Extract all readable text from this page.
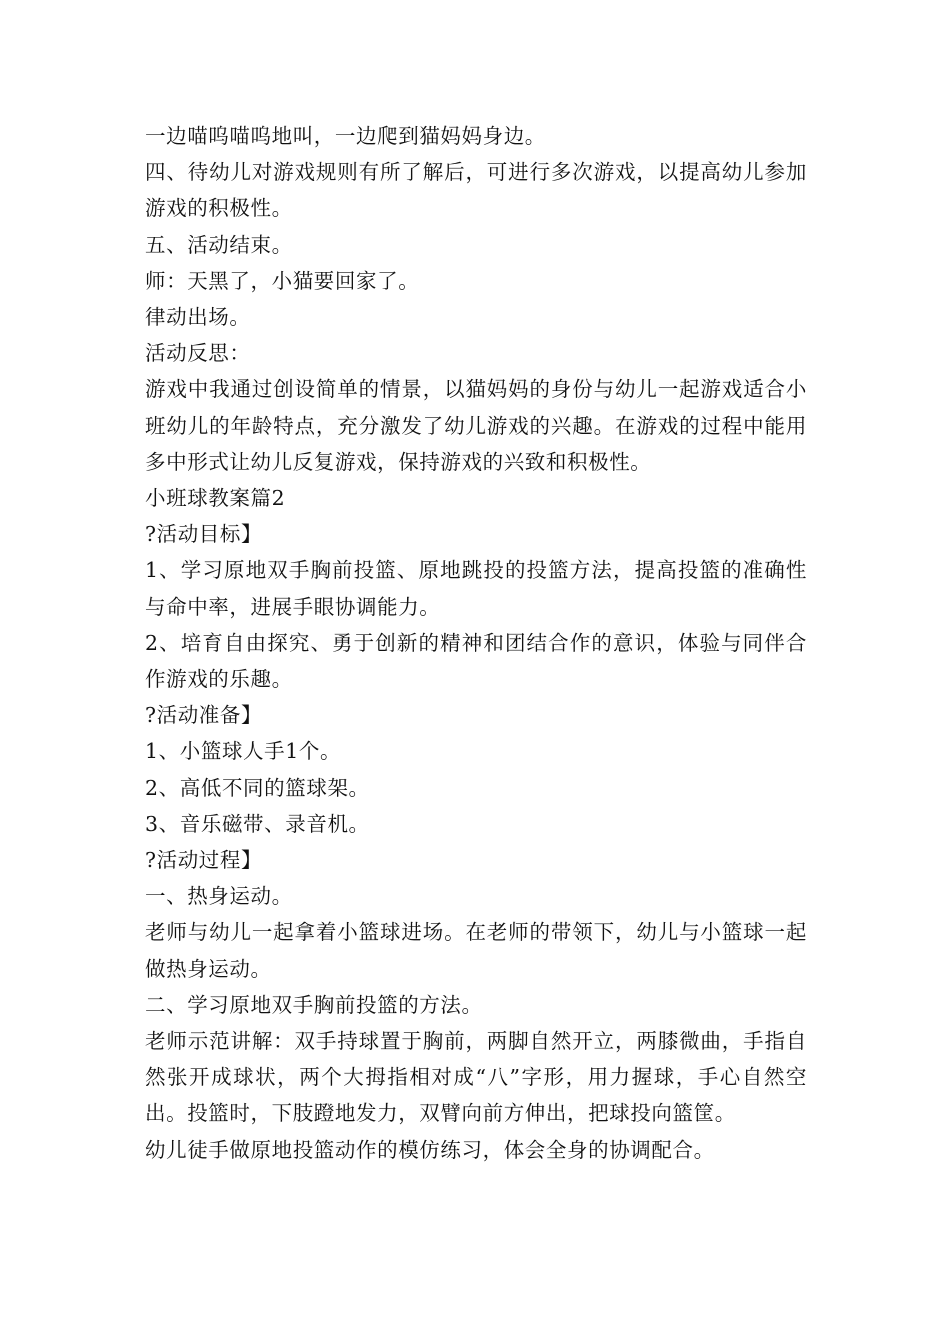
一边喵呜喵呜地叫，一边爬到猫妈妈身边。

四、待幼儿对游戏规则有所了解后，可进行多次游戏，以提高幼儿参加游戏的积极性。

五、活动结束。

师：天黑了，小猫要回家了。

律动出场。

活动反思：

游戏中我通过创设简单的情景，以猫妈妈的身份与幼儿一起游戏适合小班幼儿的年龄特点，充分激发了幼儿游戏的兴趣。在游戏的过程中能用多中形式让幼儿反复游戏，保持游戏的兴致和积极性。

小班球教案篇2

?活动目标】

1、学习原地双手胸前投篮、原地跳投的投篮方法，提高投篮的准确性与命中率，进展手眼协调能力。

2、培育自由探究、勇于创新的精神和团结合作的意识，体验与同伴合作游戏的乐趣。

?活动准备】

1、小篮球人手1个。

2、高低不同的篮球架。

3、音乐磁带、录音机。

?活动过程】

一、热身运动。

老师与幼儿一起拿着小篮球进场。在老师的带领下，幼儿与小篮球一起做热身运动。

二、学习原地双手胸前投篮的方法。

老师示范讲解：双手持球置于胸前，两脚自然开立，两膝微曲，手指自然张开成球状，两个大拇指相对成“八”字形，用力握球，手心自然空出。投篮时，下肢蹬地发力，双臂向前方伸出，把球投向篮筐。

幼儿徒手做原地投篮动作的模仿练习，体会全身的协调配合。
